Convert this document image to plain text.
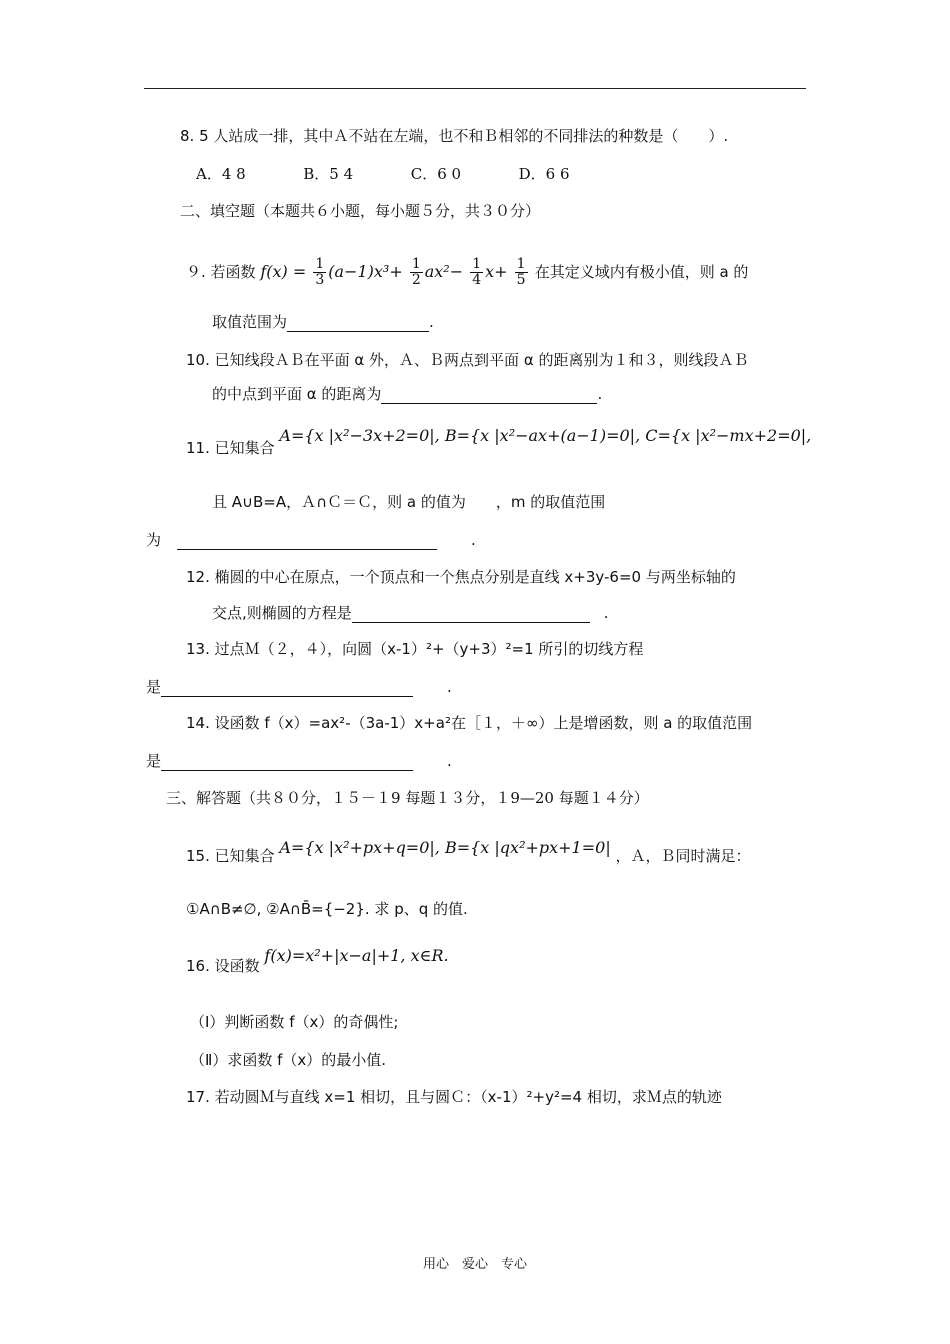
8. 5 人站成一排，其中Ａ不站在左端，也不和Ｂ相邻的不同排法的种数是（　　）.
A．4 8	B．5 4	C．6 0	D．6 6
二、填空题（本题共６小题，每小题５分，共３０分）
９. 若函数 $f(x) = \frac{1}{3} (a-1)x^3+ \frac{1}{2} ax^2- \frac{1}{4} x+ \frac{1}{5}$ 在其定义域内有极小值，则 a 的
取值范围为	.
10. 已知线段ＡＢ在平面 α 外，Ａ、Ｂ两点到平面 α 的距离别为１和３，则线段ＡＢ
的中点到平面 α 的距离为	.
11. 已知集合 A={x |x²−3x+2=0|, B={x |x²−ax+(a−1)=0|, C={x |x²−mx+2=0|,
且 A∪B=A，Ａ∩Ｃ＝Ｃ，则 a 的值为　　，m 的取值范围
为	.
12. 椭圆的中心在原点，一个顶点和一个焦点分别是直线 x+3y-6=0 与两坐标轴的
交点,则椭圆的方程是	.
13. 过点Ｍ（２，４），向圆（x-1）²+（y+3）²=1 所引的切线方程
是	.
14. 设函数 f（x）=ax²-（3a-1）x+a²在［１，＋∞）上是增函数，则 a 的取值范围
是	.
三、解答题（共８０分，１５－１9 每题１３分，１9—20 每题１４分）
15. 已知集合 A={x |x²+px+q=0|, B={x |qx²+px+1=0| ，Ａ，Ｂ同时满足：
①A∩B≠∅, ②A∩B̄={−2}. 求 p、q 的值.
16. 设函数 f(x)=x²+|x−a|+1, x∈R.
（Ⅰ）判断函数 f（x）的奇偶性;
（Ⅱ）求函数 f（x）的最小值.
17. 若动圆Ｍ与直线 x=1 相切，且与圆Ｃ：（x-1）²+y²=4 相切，求Ｍ点的轨迹
用心　爱心　专心
